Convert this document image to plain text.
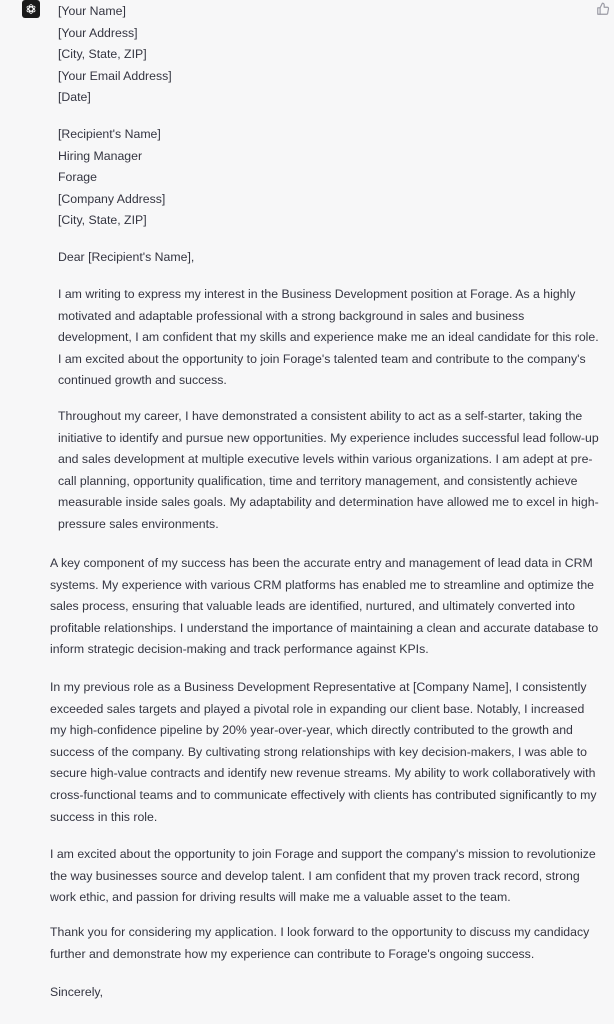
[Your Name]
[Your Address]
[City, State, ZIP]
[Your Email Address]
[Date]
[Recipient's Name]
Hiring Manager
Forage
[Company Address]
[City, State, ZIP]

Dear [Recipient's Name],

I am writing to express my interest in the Business Development position at Forage. As a highly motivated and adaptable professional with a strong background in sales and business development, I am confident that my skills and experience make me an ideal candidate for this role. I am excited about the opportunity to join Forage's talented team and contribute to the company's continued growth and success.

Throughout my career, I have demonstrated a consistent ability to act as a self-starter, taking the initiative to identify and pursue new opportunities. My experience includes successful lead follow-up and sales development at multiple executive levels within various organizations. I am adept at pre-call planning, opportunity qualification, time and territory management, and consistently achieve measurable inside sales goals. My adaptability and determination have allowed me to excel in high-pressure sales environments.

A key component of my success has been the accurate entry and management of lead data in CRM systems. My experience with various CRM platforms has enabled me to streamline and optimize the sales process, ensuring that valuable leads are identified, nurtured, and ultimately converted into profitable relationships. I understand the importance of maintaining a clean and accurate database to inform strategic decision-making and track performance against KPIs.

In my previous role as a Business Development Representative at [Company Name], I consistently exceeded sales targets and played a pivotal role in expanding our client base. Notably, I increased my high-confidence pipeline by 20% year-over-year, which directly contributed to the growth and success of the company. By cultivating strong relationships with key decision-makers, I was able to secure high-value contracts and identify new revenue streams. My ability to work collaboratively with cross-functional teams and to communicate effectively with clients has contributed significantly to my success in this role.

I am excited about the opportunity to join Forage and support the company's mission to revolutionize the way businesses source and develop talent. I am confident that my proven track record, strong work ethic, and passion for driving results will make me a valuable asset to the team.

Thank you for considering my application. I look forward to the opportunity to discuss my candidacy further and demonstrate how my experience can contribute to Forage's ongoing success.

Sincerely,
